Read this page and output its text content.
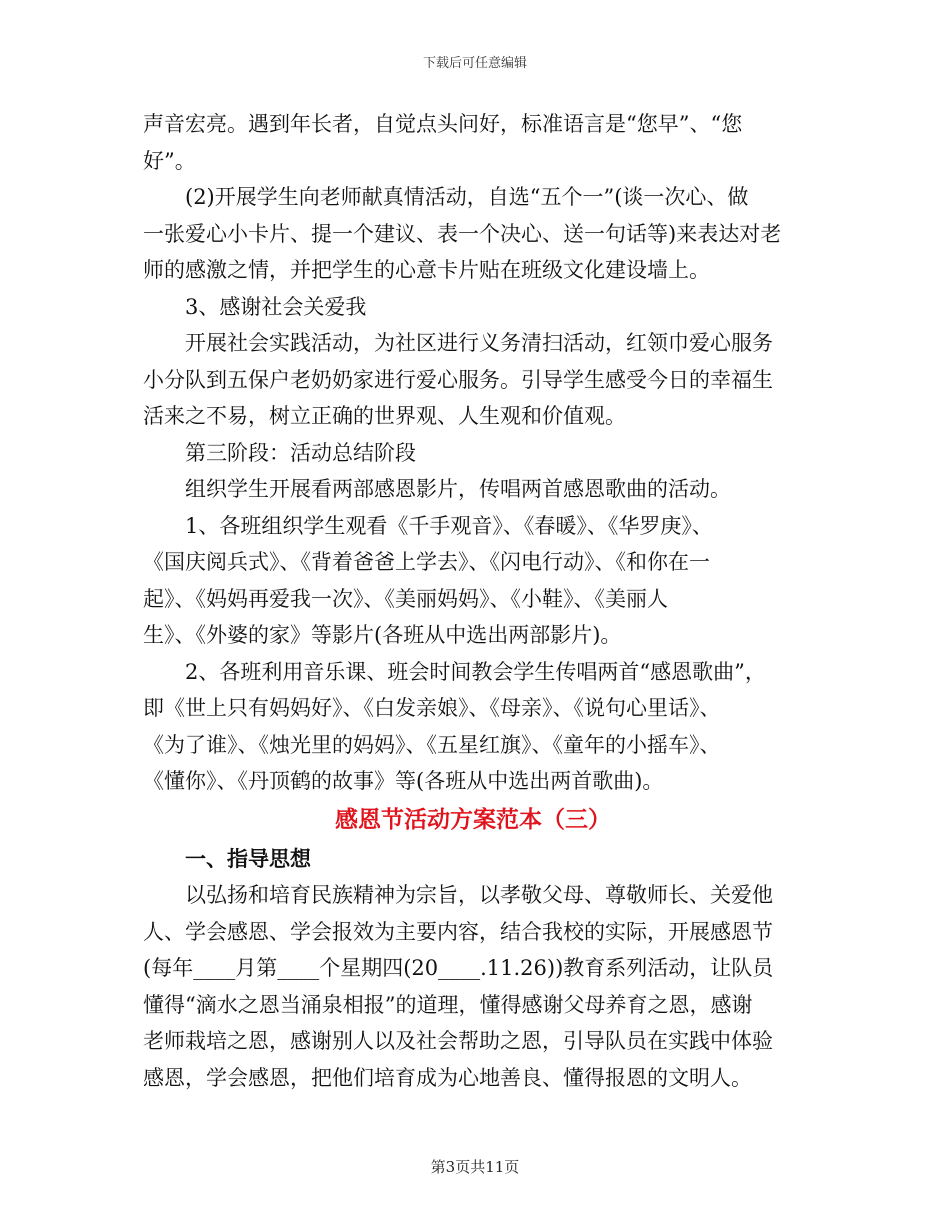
下载后可任意编辑
声音宏亮。遇到年长者，自觉点头问好，标准语言是“您早”、“您
好”。
(2)开展学生向老师献真情活动，自选“五个一”(谈一次心、做
一张爱心小卡片、提一个建议、表一个决心、送一句话等)来表达对老
师的感激之情，并把学生的心意卡片贴在班级文化建设墙上。
3、感谢社会关爱我
开展社会实践活动，为社区进行义务清扫活动，红领巾爱心服务
小分队到五保户老奶奶家进行爱心服务。引导学生感受今日的幸福生
活来之不易，树立正确的世界观、人生观和价值观。
第三阶段：活动总结阶段
组织学生开展看两部感恩影片，传唱两首感恩歌曲的活动。
1、各班组织学生观看《千手观音》、《春暖》、《华罗庚》、
《国庆阅兵式》、《背着爸爸上学去》、《闪电行动》、《和你在一
起》、《妈妈再爱我一次》、《美丽妈妈》、《小鞋》、《美丽人
生》、《外婆的家》等影片(各班从中选出两部影片)。
2、各班利用音乐课、班会时间教会学生传唱两首“感恩歌曲”，
即《世上只有妈妈好》、《白发亲娘》、《母亲》、《说句心里话》、
《为了谁》、《烛光里的妈妈》、《五星红旗》、《童年的小摇车》、
《懂你》、《丹顶鹤的故事》等(各班从中选出两首歌曲)。
感恩节活动方案范本（三）
一、指导思想
以弘扬和培育民族精神为宗旨，以孝敬父母、尊敬师长、关爱他
人、学会感恩、学会报效为主要内容，结合我校的实际，开展感恩节
(每年____月第____个星期四(20____.11.26))教育系列活动，让队员
懂得“滴水之恩当涌泉相报”的道理，懂得感谢父母养育之恩，感谢
老师栽培之恩，感谢别人以及社会帮助之恩，引导队员在实践中体验
感恩，学会感恩，把他们培育成为心地善良、懂得报恩的文明人。
第3页共11页
